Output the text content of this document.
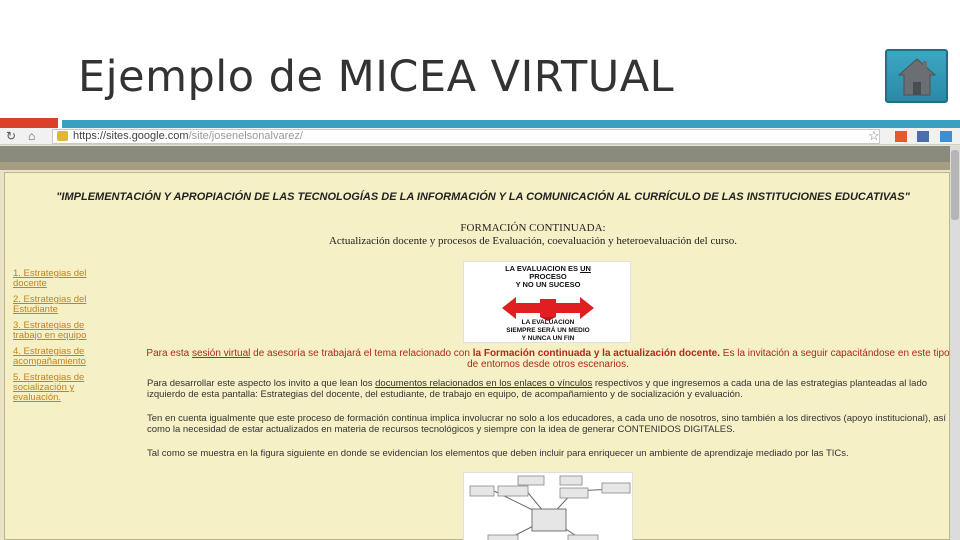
Ejemplo de MICEA VIRTUAL
↻ ⌂	https://sites.google.com/site/josenelsonalvarez/	☆
"IMPLEMENTACIÓN Y APROPIACIÓN DE LAS TECNOLOGÍAS DE LA INFORMACIÓN Y LA COMUNICACIÓN AL CURRÍCULO DE LAS INSTITUCIONES EDUCATIVAS"
FORMACIÓN CONTINUADA:
Actualización docente y procesos de Evaluación, coevaluación y heteroevaluación del curso.
1. Estrategias del docente
2. Estrategias del Estudiante
3. Estrategias de trabajo en equipo
4. Estrategias de acompañamiento
5. Estrategias de socialización y evaluación.
LA EVALUACION ES UN
PROCESO
Y NO UN SUCESO
LA EVALUACION
SIEMPRE SERÁ UN MEDIO
Y NUNCA UN FIN
Para esta sesión virtual de asesoría se trabajará el tema relacionado con la Formación continuada y la actualización docente. Es la invitación a seguir capacitándose en este tipo de entornos desde otros escenarios.
Para desarrollar este aspecto los invito a que lean los documentos relacionados en los enlaces o vínculos respectivos y que ingresemos a cada una de las estrategias planteadas al lado izquierdo de esta pantalla: Estrategias del docente, del estudiante, de trabajo en equipo, de acompañamiento y de socialización y evaluación.
Ten en cuenta igualmente que este proceso de formación continua implica involucrar no solo a los educadores, a cada uno de nosotros, sino también a los directivos (apoyo institucional), así como la necesidad de estar actualizados en materia de recursos tecnológicos y siempre con la idea de generar CONTENIDOS DIGITALES.
Tal como se muestra en la figura siguiente en donde se evidencian los elementos que deben incluir para enriquecer un ambiente de aprendizaje mediado por las TICs.
